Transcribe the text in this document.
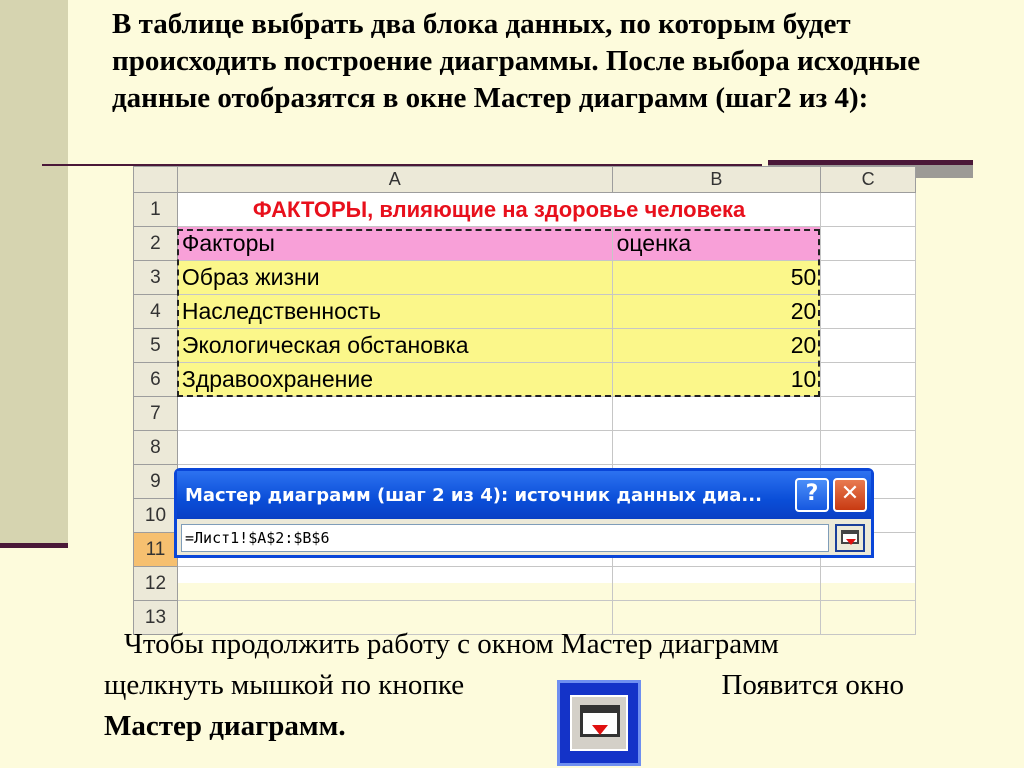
В таблице выбрать два блока данных, по которым будет происходить построение диаграммы. После выбора исходные данные отобразятся в окне Мастер диаграмм (шаг2 из 4):
	A	B	C
1	ФАКТОРЫ, влияющие на здоровье человека		
2	Факторы	оценка	
3	Образ жизни	50	
4	Наследственность	20	
5	Экологическая обстановка	20	
6	Здравоохранение	10	
7			
8			
9			
10			
11			
12			
13			
Мастер диаграмм (шаг 2 из 4): источник данных диа...	?	✕
=Лист1!$A$2:$B$6
Чтобы продолжить работу с окном Мастер диаграмм
щелкнуть мышкой по кнопке	Появится окно
Мастер диаграмм.
